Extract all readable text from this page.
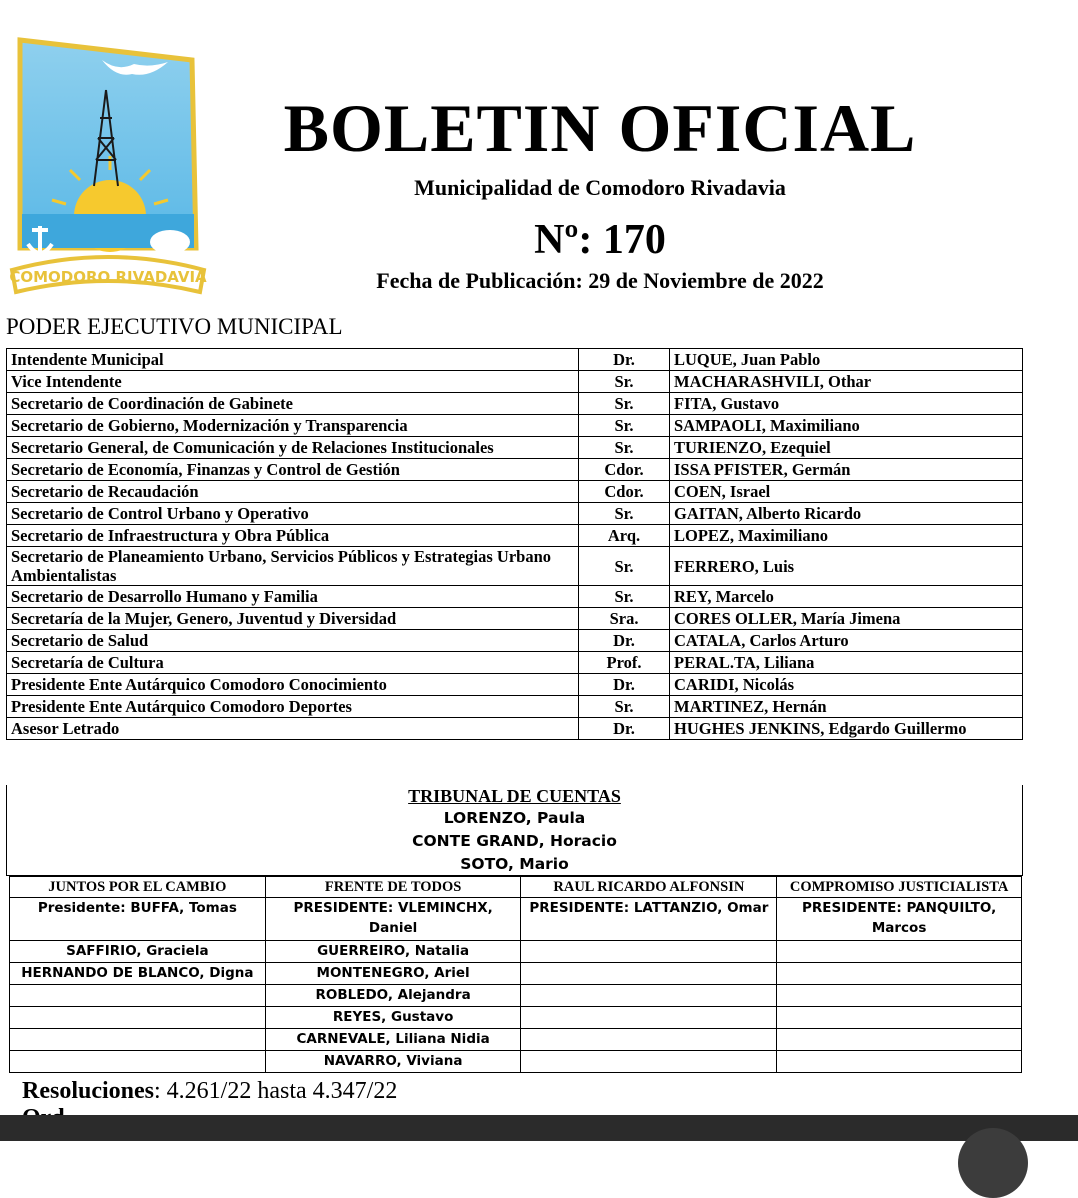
COMODORO RIVADAVIA
BOLETIN OFICIAL
Municipalidad de Comodoro Rivadavia
Nº: 170
Fecha de Publicación: 29 de Noviembre de 2022
PODER EJECUTIVO MUNICIPAL
Intendente Municipal	Dr.	LUQUE, Juan Pablo
Vice Intendente	Sr.	MACHARASHVILI, Othar
Secretario de Coordinación de Gabinete	Sr.	FITA, Gustavo
Secretario de Gobierno, Modernización y Transparencia	Sr.	SAMPAOLI, Maximiliano
Secretario General, de Comunicación y de Relaciones Institucionales	Sr.	TURIENZO, Ezequiel
Secretario de Economía, Finanzas y Control de Gestión	Cdor.	ISSA PFISTER, Germán
Secretario de Recaudación	Cdor.	COEN, Israel
Secretario de Control Urbano y Operativo	Sr.	GAITAN, Alberto Ricardo
Secretario de Infraestructura y Obra Pública	Arq.	LOPEZ, Maximiliano
Secretario de Planeamiento Urbano, Servicios Públicos y Estrategias Urbano Ambientalistas	Sr.	FERRERO, Luis
Secretario de Desarrollo Humano y Familia	Sr.	REY, Marcelo
Secretaría de la Mujer, Genero, Juventud y Diversidad	Sra.	CORES OLLER, María Jimena
Secretario de Salud	Dr.	CATALA, Carlos Arturo
Secretaría de Cultura	Prof.	PERAL.TA, Liliana
Presidente Ente Autárquico Comodoro Conocimiento	Dr.	CARIDI, Nicolás
Presidente Ente Autárquico Comodoro Deportes	Sr.	MARTINEZ, Hernán
Asesor Letrado	Dr.	HUGHES JENKINS, Edgardo Guillermo
TRIBUNAL DE CUENTAS
LORENZO, Paula
CONTE GRAND, Horacio
SOTO, Mario
JUNTOS POR EL CAMBIO	FRENTE DE TODOS	RAUL RICARDO ALFONSIN	COMPROMISO JUSTICIALISTA
Presidente: BUFFA, Tomas	PRESIDENTE: VLEMINCHX, Daniel	PRESIDENTE: LATTANZIO, Omar	PRESIDENTE: PANQUILTO, Marcos
SAFFIRIO, Graciela	GUERREIRO, Natalia		
HERNANDO DE BLANCO, Digna	MONTENEGRO, Ariel		
	ROBLEDO, Alejandra		
	REYES, Gustavo		
	CARNEVALE, Liliana Nidia		
	NAVARRO, Viviana		
Resoluciones: 4.261/22 hasta 4.347/22
